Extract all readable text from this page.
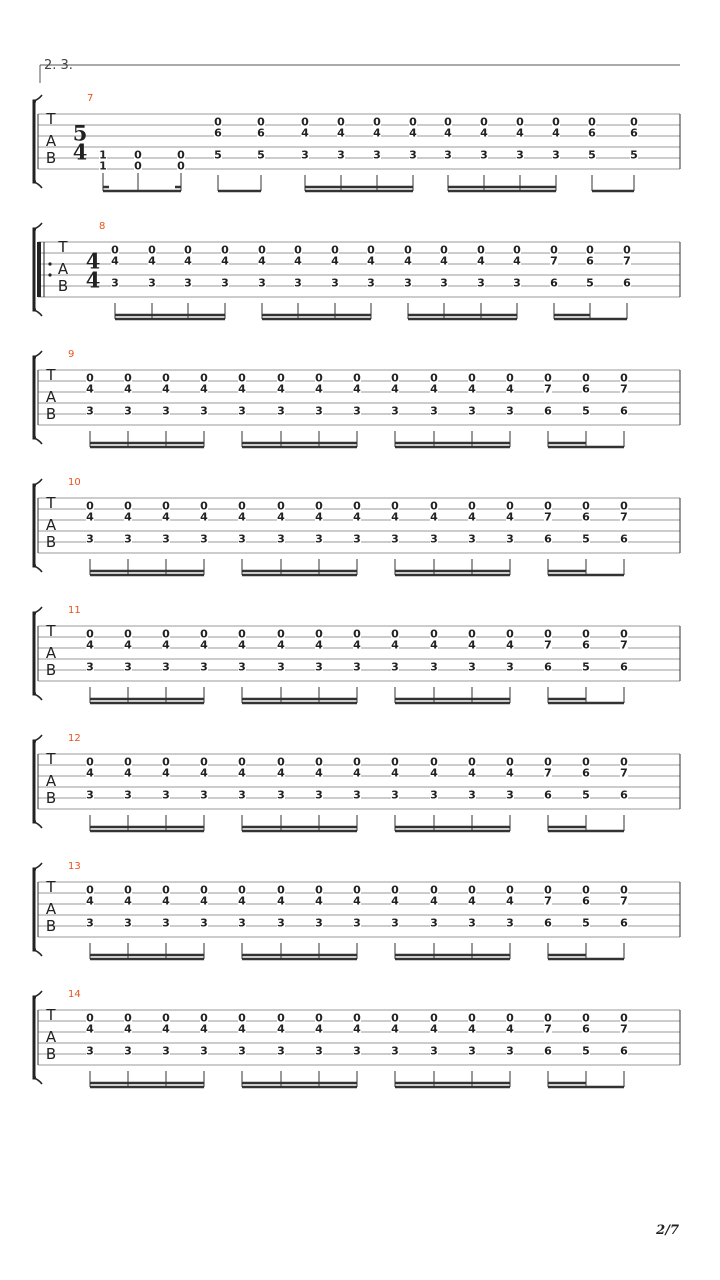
2. 3.
7
T
A
B
5
4 1
1
0
0
0
0
0
6
5
0
6
5
0
4
3
0
4
3
0
4
3
0
4
3
0
4
3
0
4
3
0
4
3
0
4
3
0
6
5
0
6
5
8
T
A
B
4
4
0
4
3
0
4
3
0
4
3
0
4
3
0
4
3
0
4
3
0
4
3
0
4
3
0
4
3
0
4
3
0
4
3
0
4
3
0
7
6
0
6
5
0
7
6
9
T
A
B
0
4
3
0
4
3
0
4
3
0
4
3
0
4
3
0
4
3
0
4
3
0
4
3
0
4
3
0
4
3
0
4
3
0
4
3
0
7
6
0
6
5
0
7
6
10
T
A
B
0
4
3
0
4
3
0
4
3
0
4
3
0
4
3
0
4
3
0
4
3
0
4
3
0
4
3
0
4
3
0
4
3
0
4
3
0
7
6
0
6
5
0
7
6
11
T
A
B
0
4
3
0
4
3
0
4
3
0
4
3
0
4
3
0
4
3
0
4
3
0
4
3
0
4
3
0
4
3
0
4
3
0
4
3
0
7
6
0
6
5
0
7
6
12
T
A
B
0
4
3
0
4
3
0
4
3
0
4
3
0
4
3
0
4
3
0
4
3
0
4
3
0
4
3
0
4
3
0
4
3
0
4
3
0
7
6
0
6
5
0
7
6
13
T
A
B
0
4
3
0
4
3
0
4
3
0
4
3
0
4
3
0
4
3
0
4
3
0
4
3
0
4
3
0
4
3
0
4
3
0
4
3
0
7
6
0
6
5
0
7
6
14
T
A
B
0
4
3
0
4
3
0
4
3
0
4
3
0
4
3
0
4
3
0
4
3
0
4
3
0
4
3
0
4
3
0
4
3
0
4
3
0
7
6
0
6
5
0
7
6
2/7
